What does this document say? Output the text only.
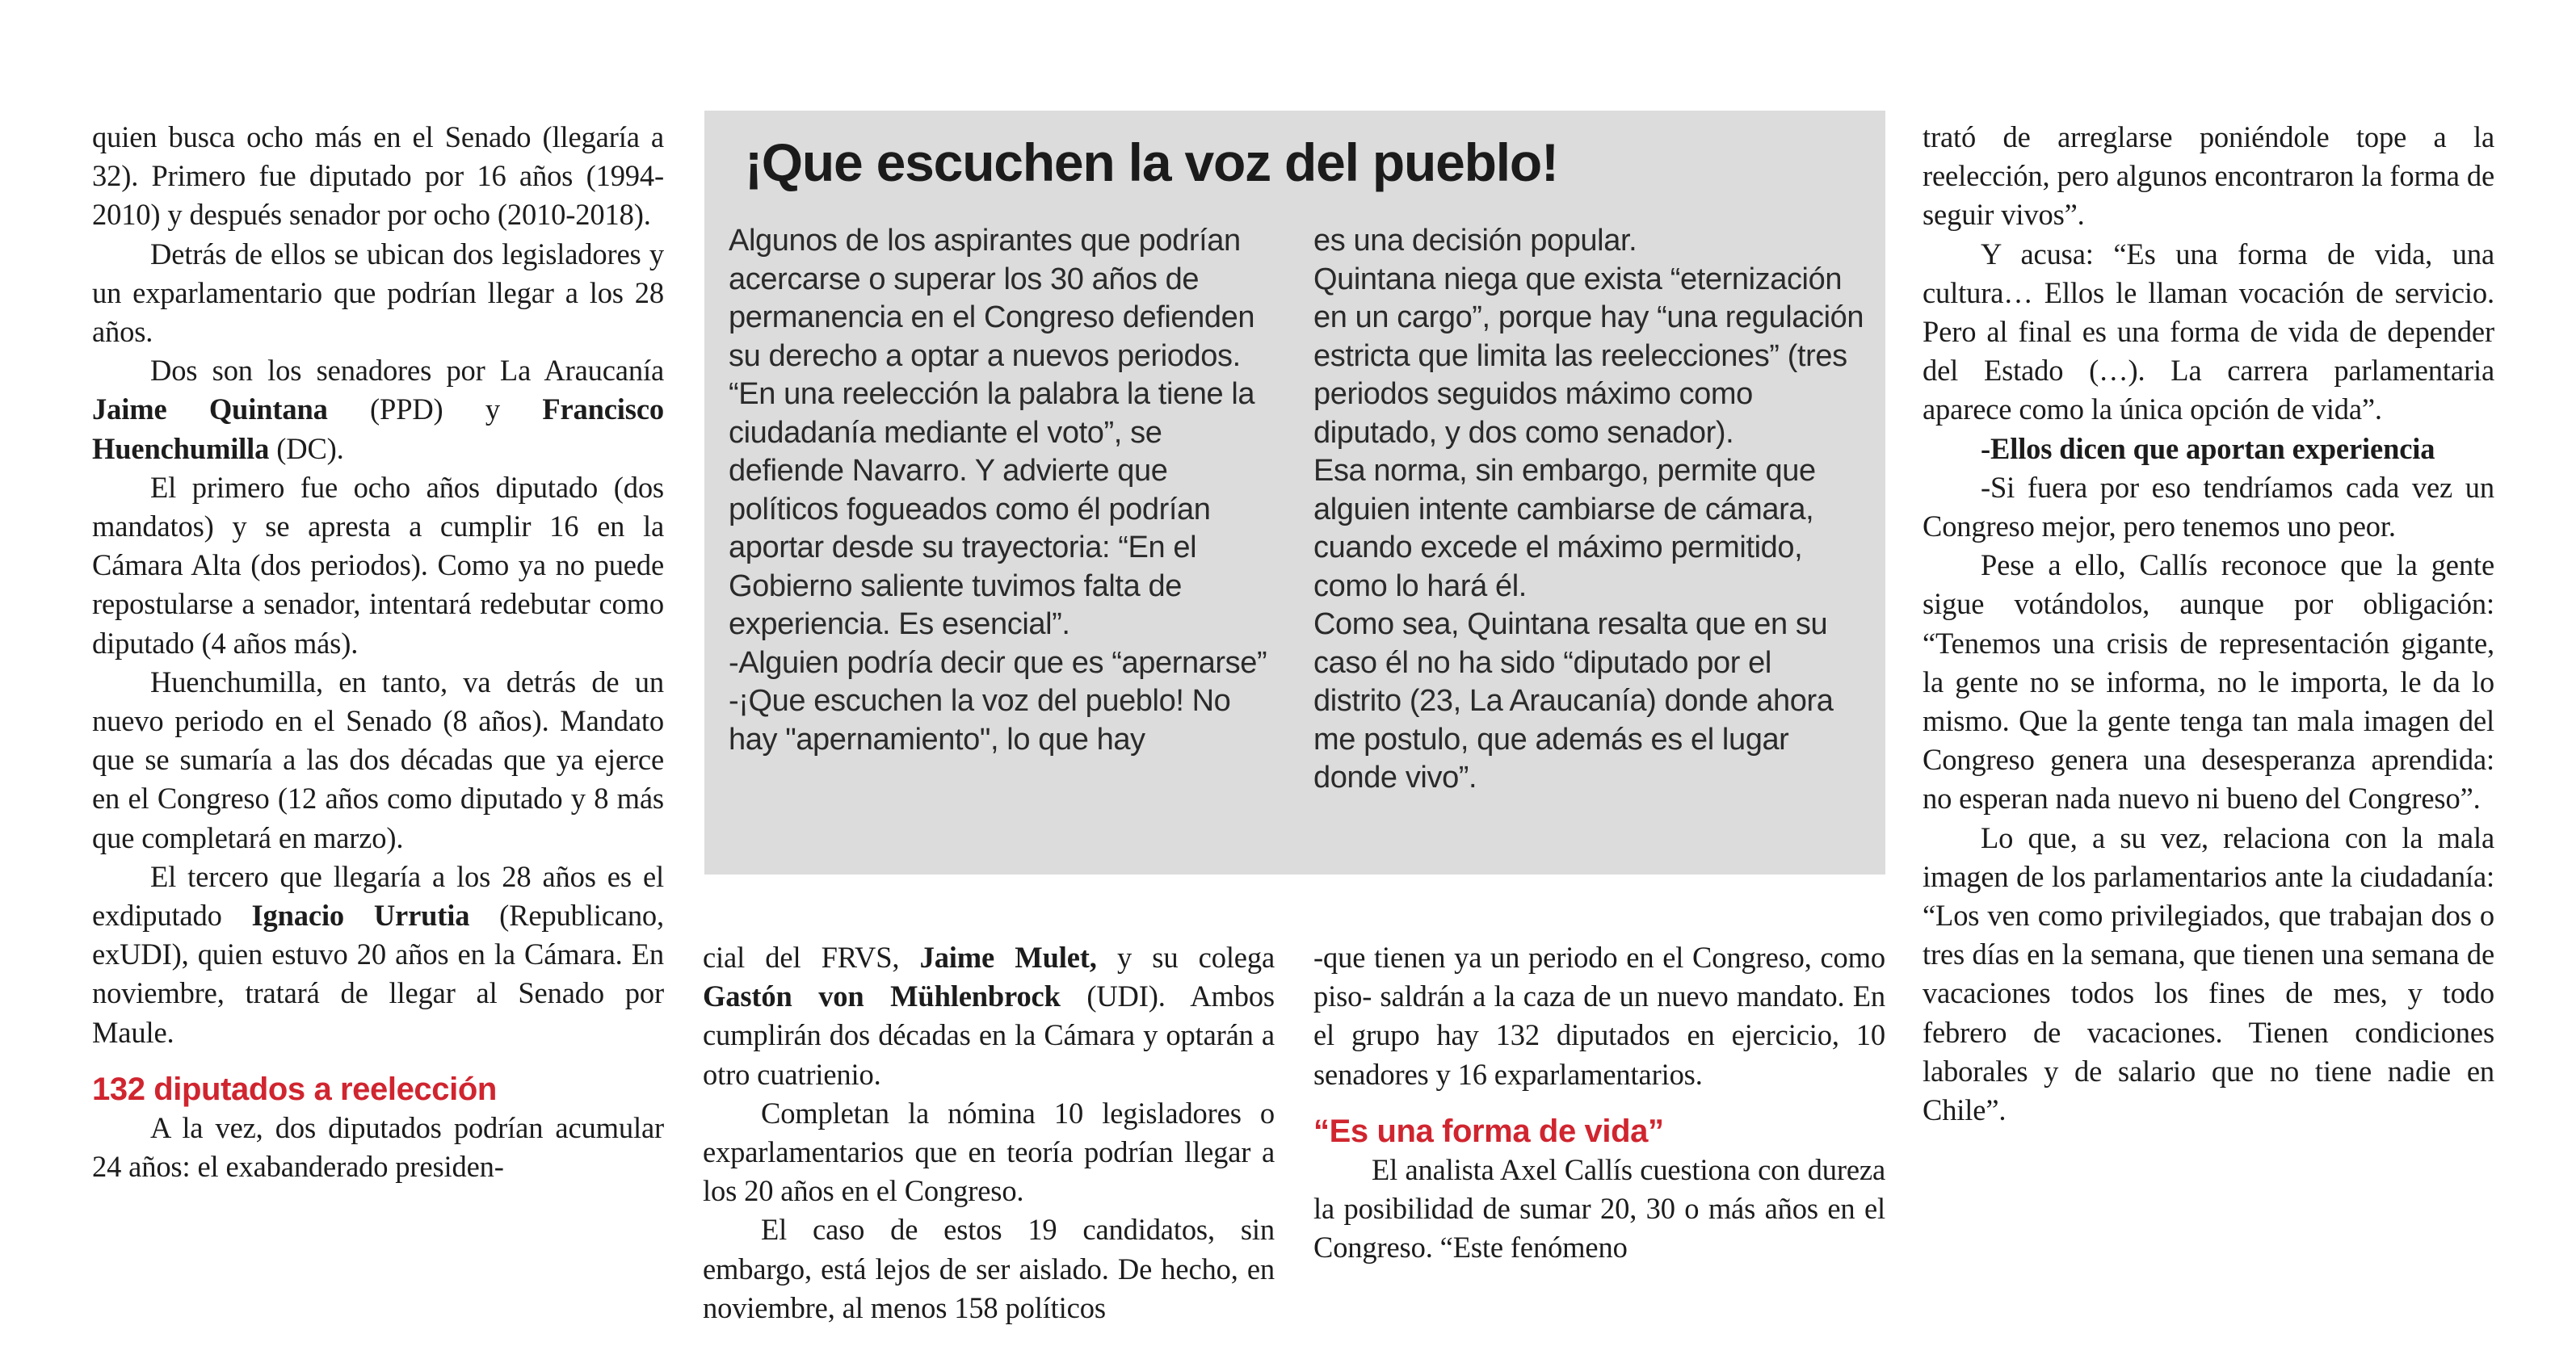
quien busca ocho más en el Senado (llegaría a 32). Primero fue diputado por 16 años (1994-2010) y después senador por ocho (2010-2018).

Detrás de ellos se ubican dos legisladores y un exparlamentario que podrían llegar a los 28 años.

Dos son los senadores por La Araucanía Jaime Quintana (PPD) y Francisco Huenchumilla (DC).

El primero fue ocho años diputado (dos mandatos) y se apresta a cumplir 16 en la Cámara Alta (dos periodos). Como ya no puede repostularse a senador, intentará redebutar como diputado (4 años más).

Huenchumilla, en tanto, va detrás de un nuevo periodo en el Senado (8 años). Mandato que se sumaría a las dos décadas que ya ejerce en el Congreso (12 años como diputado y 8 más que completará en marzo).

El tercero que llegaría a los 28 años es el exdiputado Ignacio Urrutia (Republicano, exUDI), quien estuvo 20 años en la Cámara. En noviembre, tratará de llegar al Senado por Maule.

132 diputados a reelección

A la vez, dos diputados podrían acumular 24 años: el exabanderado presiden-

¡Que escuchen la voz del pueblo!

Algunos de los aspirantes que podrían acercarse o superar los 30 años de permanencia en el Congreso defienden su derecho a optar a nuevos periodos.

“En una reelección la palabra la tiene la ciudadanía mediante el voto”, se defiende Navarro. Y advierte que políticos fogueados como él podrían aportar desde su trayectoria: “En el Gobierno saliente tuvimos falta de experiencia. Es esencial”.

-Alguien podría decir que es “apernarse”

-¡Que escuchen la voz del pueblo! No hay "apernamiento", lo que hay

es una decisión popular.

Quintana niega que exista “eternización en un cargo”, porque hay “una regulación estricta que limita las reelecciones” (tres periodos seguidos máximo como diputado, y dos como senador).

Esa norma, sin embargo, permite que alguien intente cambiarse de cámara, cuando excede el máximo permitido, como lo hará él.

Como sea, Quintana resalta que en su caso él no ha sido “diputado por el distrito (23, La Araucanía) donde ahora me postulo, que además es el lugar donde vivo”.

cial del FRVS, Jaime Mulet, y su colega Gastón von Mühlenbrock (UDI). Ambos cumplirán dos décadas en la Cámara y optarán a otro cuatrienio.

Completan la nómina 10 legisladores o exparlamentarios que en teoría podrían llegar a los 20 años en el Congreso.

El caso de estos 19 candidatos, sin embargo, está lejos de ser aislado. De hecho, en noviembre, al menos 158 políticos

-que tienen ya un periodo en el Congreso, como piso- saldrán a la caza de un nuevo mandato. En el grupo hay 132 diputados en ejercicio, 10 senadores y 16 exparlamentarios.

“Es una forma de vida”

El analista Axel Callís cuestiona con dureza la posibilidad de sumar 20, 30 o más años en el Congreso. “Este fenómeno

trató de arreglarse poniéndole tope a la reelección, pero algunos encontraron la forma de seguir vivos”.

Y acusa: “Es una forma de vida, una cultura… Ellos le llaman vocación de servicio. Pero al final es una forma de vida de depender del Estado (…). La carrera parlamentaria aparece como la única opción de vida”.

-Ellos dicen que aportan experiencia

-Si fuera por eso tendríamos cada vez un Congreso mejor, pero tenemos uno peor.

Pese a ello, Callís reconoce que la gente sigue votándolos, aunque por obligación: “Tenemos una crisis de representación gigante, la gente no se informa, no le importa, le da lo mismo. Que la gente tenga tan mala imagen del Congreso genera una desesperanza aprendida: no esperan nada nuevo ni bueno del Congreso”.

Lo que, a su vez, relaciona con la mala imagen de los parlamentarios ante la ciudadanía: “Los ven como privilegiados, que trabajan dos o tres días en la semana, que tienen una semana de vacaciones todos los fines de mes, y todo febrero de vacaciones. Tienen condiciones laborales y de salario que no tiene nadie en Chile”.
